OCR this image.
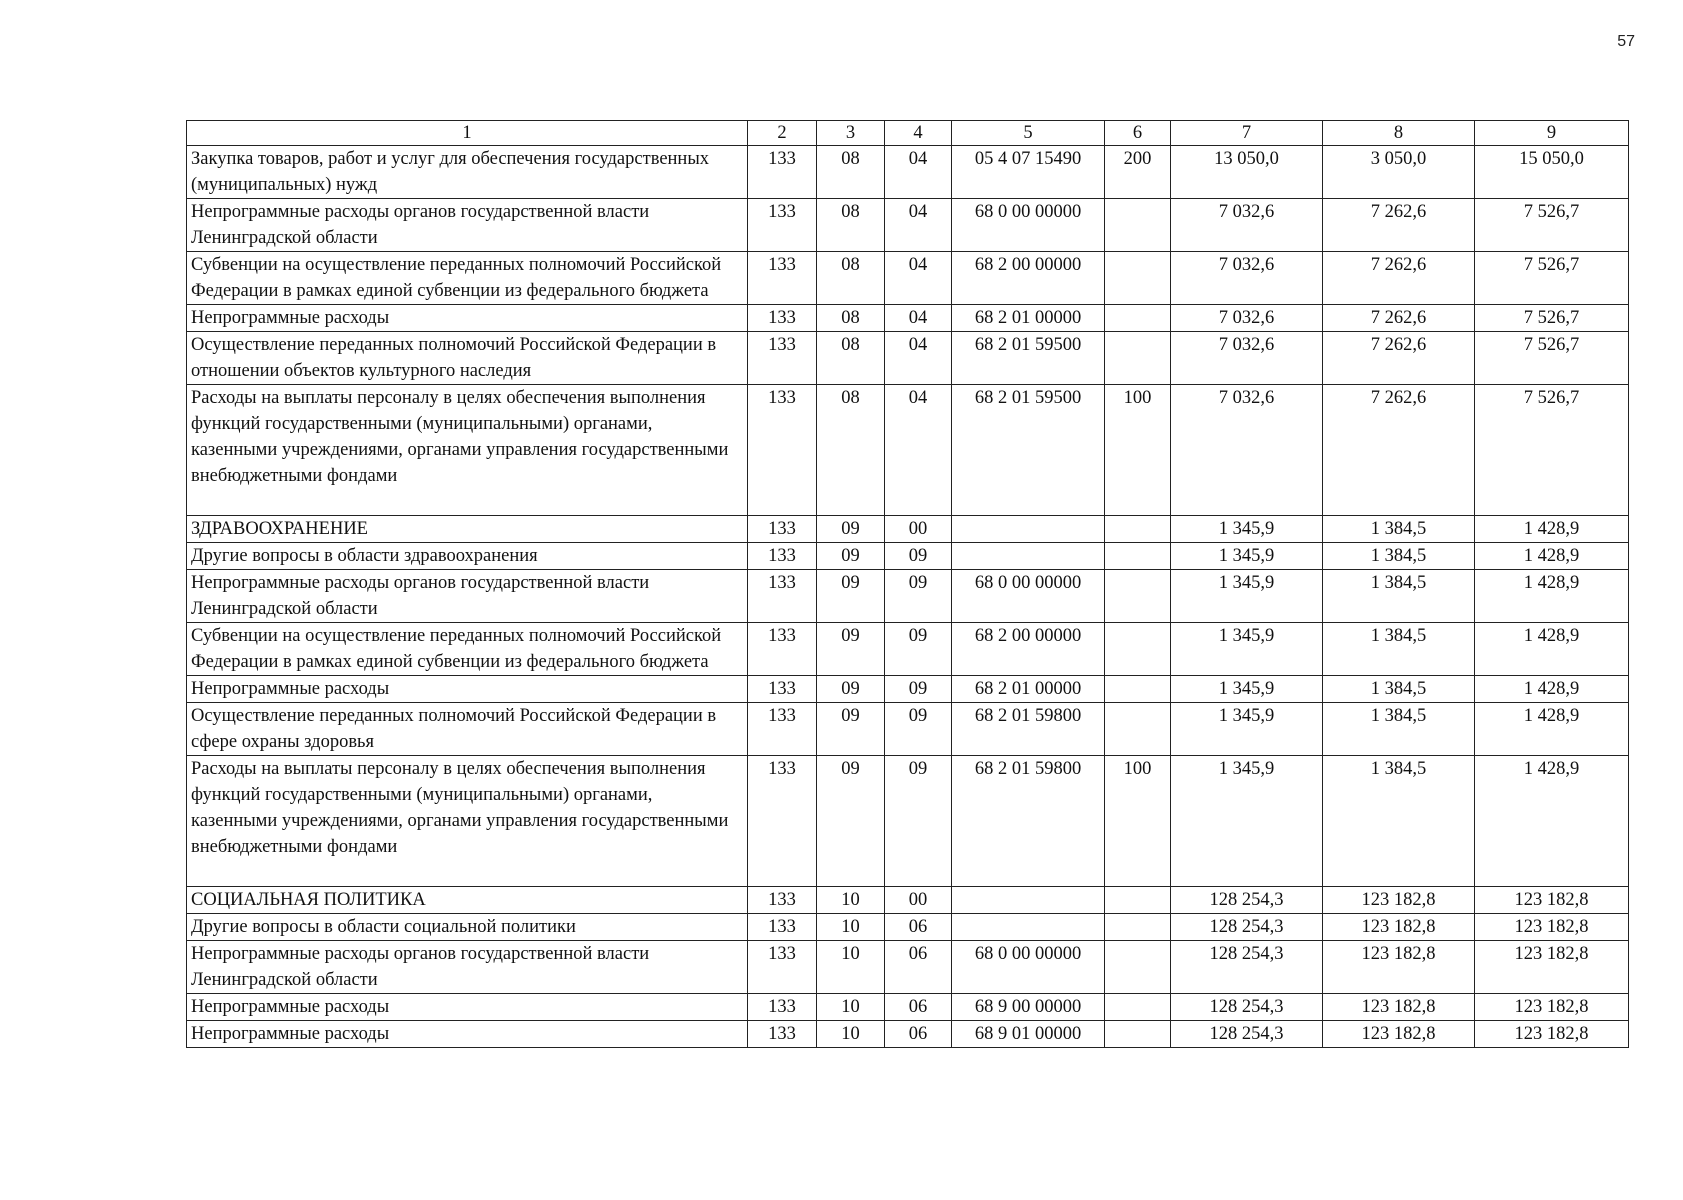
57
1	2	3	4	5	6	7	8	9
Закупка товаров, работ и услуг для обеспечения государственных (муниципальных) нужд	133	08	04	05 4 07 15490	200	13 050,0	3 050,0	15 050,0
Непрограммные расходы органов государственной власти Ленинградской области	133	08	04	68 0 00 00000		7 032,6	7 262,6	7 526,7
Субвенции на осуществление переданных полномочий Российской Федерации в рамках единой субвенции из федерального бюджета	133	08	04	68 2 00 00000		7 032,6	7 262,6	7 526,7
Непрограммные расходы	133	08	04	68 2 01 00000		7 032,6	7 262,6	7 526,7
Осуществление переданных полномочий Российской Федерации в отношении объектов культурного наследия	133	08	04	68 2 01 59500		7 032,6	7 262,6	7 526,7
Расходы на выплаты персоналу в целях обеспечения выполнения функций государственными (муниципальными) органами, казенными учреждениями, органами управления государственными внебюджетными фондами	133	08	04	68 2 01 59500	100	7 032,6	7 262,6	7 526,7
ЗДРАВООХРАНЕНИЕ	133	09	00			1 345,9	1 384,5	1 428,9
Другие вопросы в области здравоохранения	133	09	09			1 345,9	1 384,5	1 428,9
Непрограммные расходы органов государственной власти Ленинградской области	133	09	09	68 0 00 00000		1 345,9	1 384,5	1 428,9
Субвенции на осуществление переданных полномочий Российской Федерации в рамках единой субвенции из федерального бюджета	133	09	09	68 2 00 00000		1 345,9	1 384,5	1 428,9
Непрограммные расходы	133	09	09	68 2 01 00000		1 345,9	1 384,5	1 428,9
Осуществление переданных полномочий Российской Федерации в сфере охраны здоровья	133	09	09	68 2 01 59800		1 345,9	1 384,5	1 428,9
Расходы на выплаты персоналу в целях обеспечения выполнения функций государственными (муниципальными) органами, казенными учреждениями, органами управления государственными внебюджетными фондами	133	09	09	68 2 01 59800	100	1 345,9	1 384,5	1 428,9
СОЦИАЛЬНАЯ ПОЛИТИКА	133	10	00			128 254,3	123 182,8	123 182,8
Другие вопросы в области социальной политики	133	10	06			128 254,3	123 182,8	123 182,8
Непрограммные расходы органов государственной власти Ленинградской области	133	10	06	68 0 00 00000		128 254,3	123 182,8	123 182,8
Непрограммные расходы	133	10	06	68 9 00 00000		128 254,3	123 182,8	123 182,8
Непрограммные расходы	133	10	06	68 9 01 00000		128 254,3	123 182,8	123 182,8
